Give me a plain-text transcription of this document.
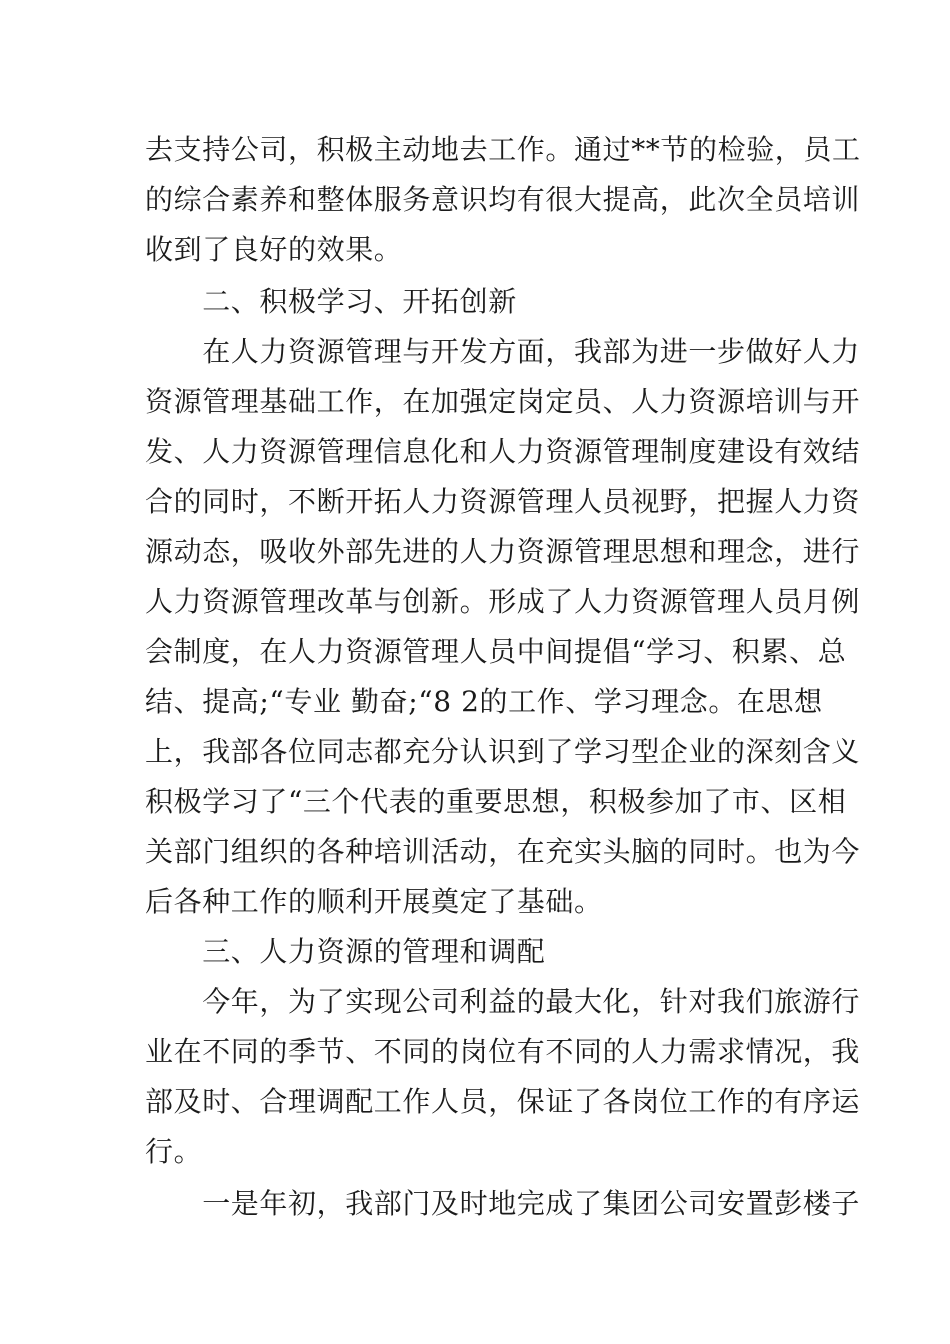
去支持公司，积极主动地去工作。通过**节的检验，员工
的综合素养和整体服务意识均有很大提高，此次全员培训
收到了良好的效果。
　　二、积极学习、开拓创新
　　在人力资源管理与开发方面，我部为进一步做好人力
资源管理基础工作，在加强定岗定员、人力资源培训与开
发、人力资源管理信息化和人力资源管理制度建设有效结
合的同时，不断开拓人力资源管理人员视野，把握人力资
源动态，吸收外部先进的人力资源管理思想和理念，进行
人力资源管理改革与创新。形成了人力资源管理人员月例
会制度，在人力资源管理人员中间提倡“学习、积累、总
结、提高;“专业 勤奋;“8 2的工作、学习理念。在思想
上，我部各位同志都充分认识到了学习型企业的深刻含义
积极学习了“三个代表的重要思想，积极参加了市、区相
关部门组织的各种培训活动，在充实头脑的同时。也为今
后各种工作的顺利开展奠定了基础。
　　三、人力资源的管理和调配
　　今年，为了实现公司利益的最大化，针对我们旅游行
业在不同的季节、不同的岗位有不同的人力需求情况，我
部及时、合理调配工作人员，保证了各岗位工作的有序运
行。
　　一是年初，我部门及时地完成了集团公司安置彭楼子
